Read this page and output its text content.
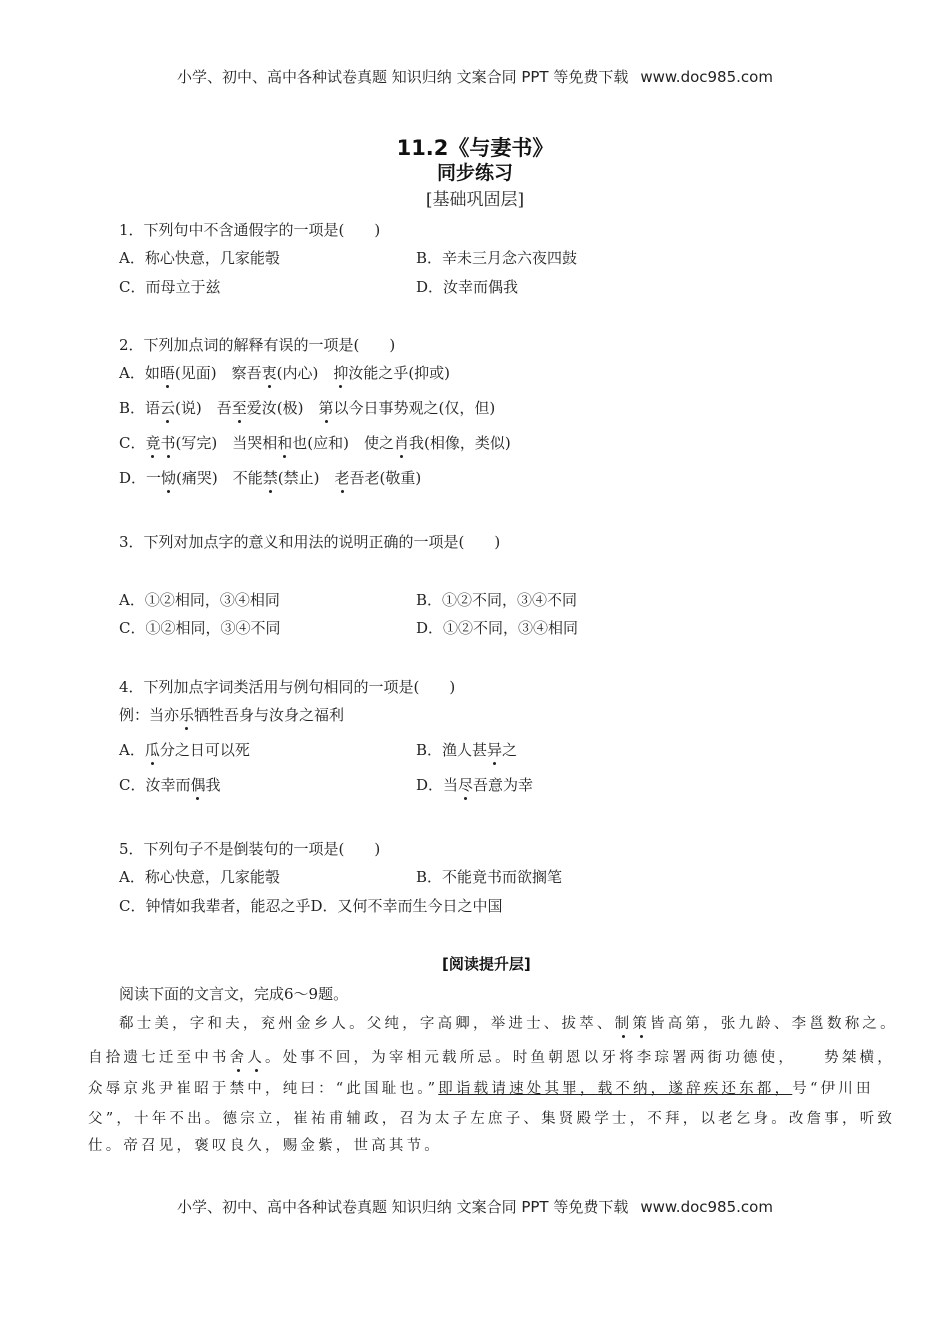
小学、初中、高中各种试卷真题 知识归纳 文案合同 PPT 等免费下载 www.doc985.com
11.2《与妻书》
同步练习
[基础巩固层]
1．下列句中不含通假字的一项是(　　)
A．称心快意，几家能彀	B．辛未三月念六夜四鼓
C．而母立于兹	D．汝幸而偶我
2．下列加点词的解释有误的一项是(　　)
A．如晤(见面)　察吾衷(内心)　抑汝能之乎(抑或)
B．语云(说)　吾至爱汝(极)　第以今日事势观之(仅，但)
C．竟书(写完)　当哭相和也(应和)　使之肖我(相像，类似)
D．一恸(痛哭)　不能禁(禁止)　老吾老(敬重)
3．下列对加点字的意义和用法的说明正确的一项是(　　)
A．①②相同，③④相同	B．①②不同，③④不同
C．①②相同，③④不同	D．①②不同，③④相同
4．下列加点字词类活用与例句相同的一项是(　　)
例：当亦乐牺牲吾身与汝身之福利
A．瓜分之日可以死	B．渔人甚异之
C．汝幸而偶我	D．当尽吾意为幸
5．下列句子不是倒装句的一项是(　　)
A．称心快意，几家能彀	B．不能竟书而欲搁笔
C．钟情如我辈者，能忍之乎D．又何不幸而生今日之中国
[阅读提升层]
阅读下面的文言文，完成6～9题。
郗士美，字和夫，兖州金乡人。父纯，字高卿，举进士、拔萃、制策皆高第，张九龄、李邕数称之。
自拾遗七迁至中书舍人。处事不回，为宰相元载所忌。时鱼朝恩以牙将李琮署两街功德使，　　势桀横，
众辱京兆尹崔昭于禁中，纯曰：“此国耻也。”即诣载请速处其罪，载不纳，遂辞疾还东都，号“伊川田
父”，十年不出。德宗立，崔祐甫辅政，召为太子左庶子、集贤殿学士，不拜，以老乞身。改詹事，听致
仕。帝召见，褒叹良久，赐金紫，世高其节。
小学、初中、高中各种试卷真题 知识归纳 文案合同 PPT 等免费下载 www.doc985.com
